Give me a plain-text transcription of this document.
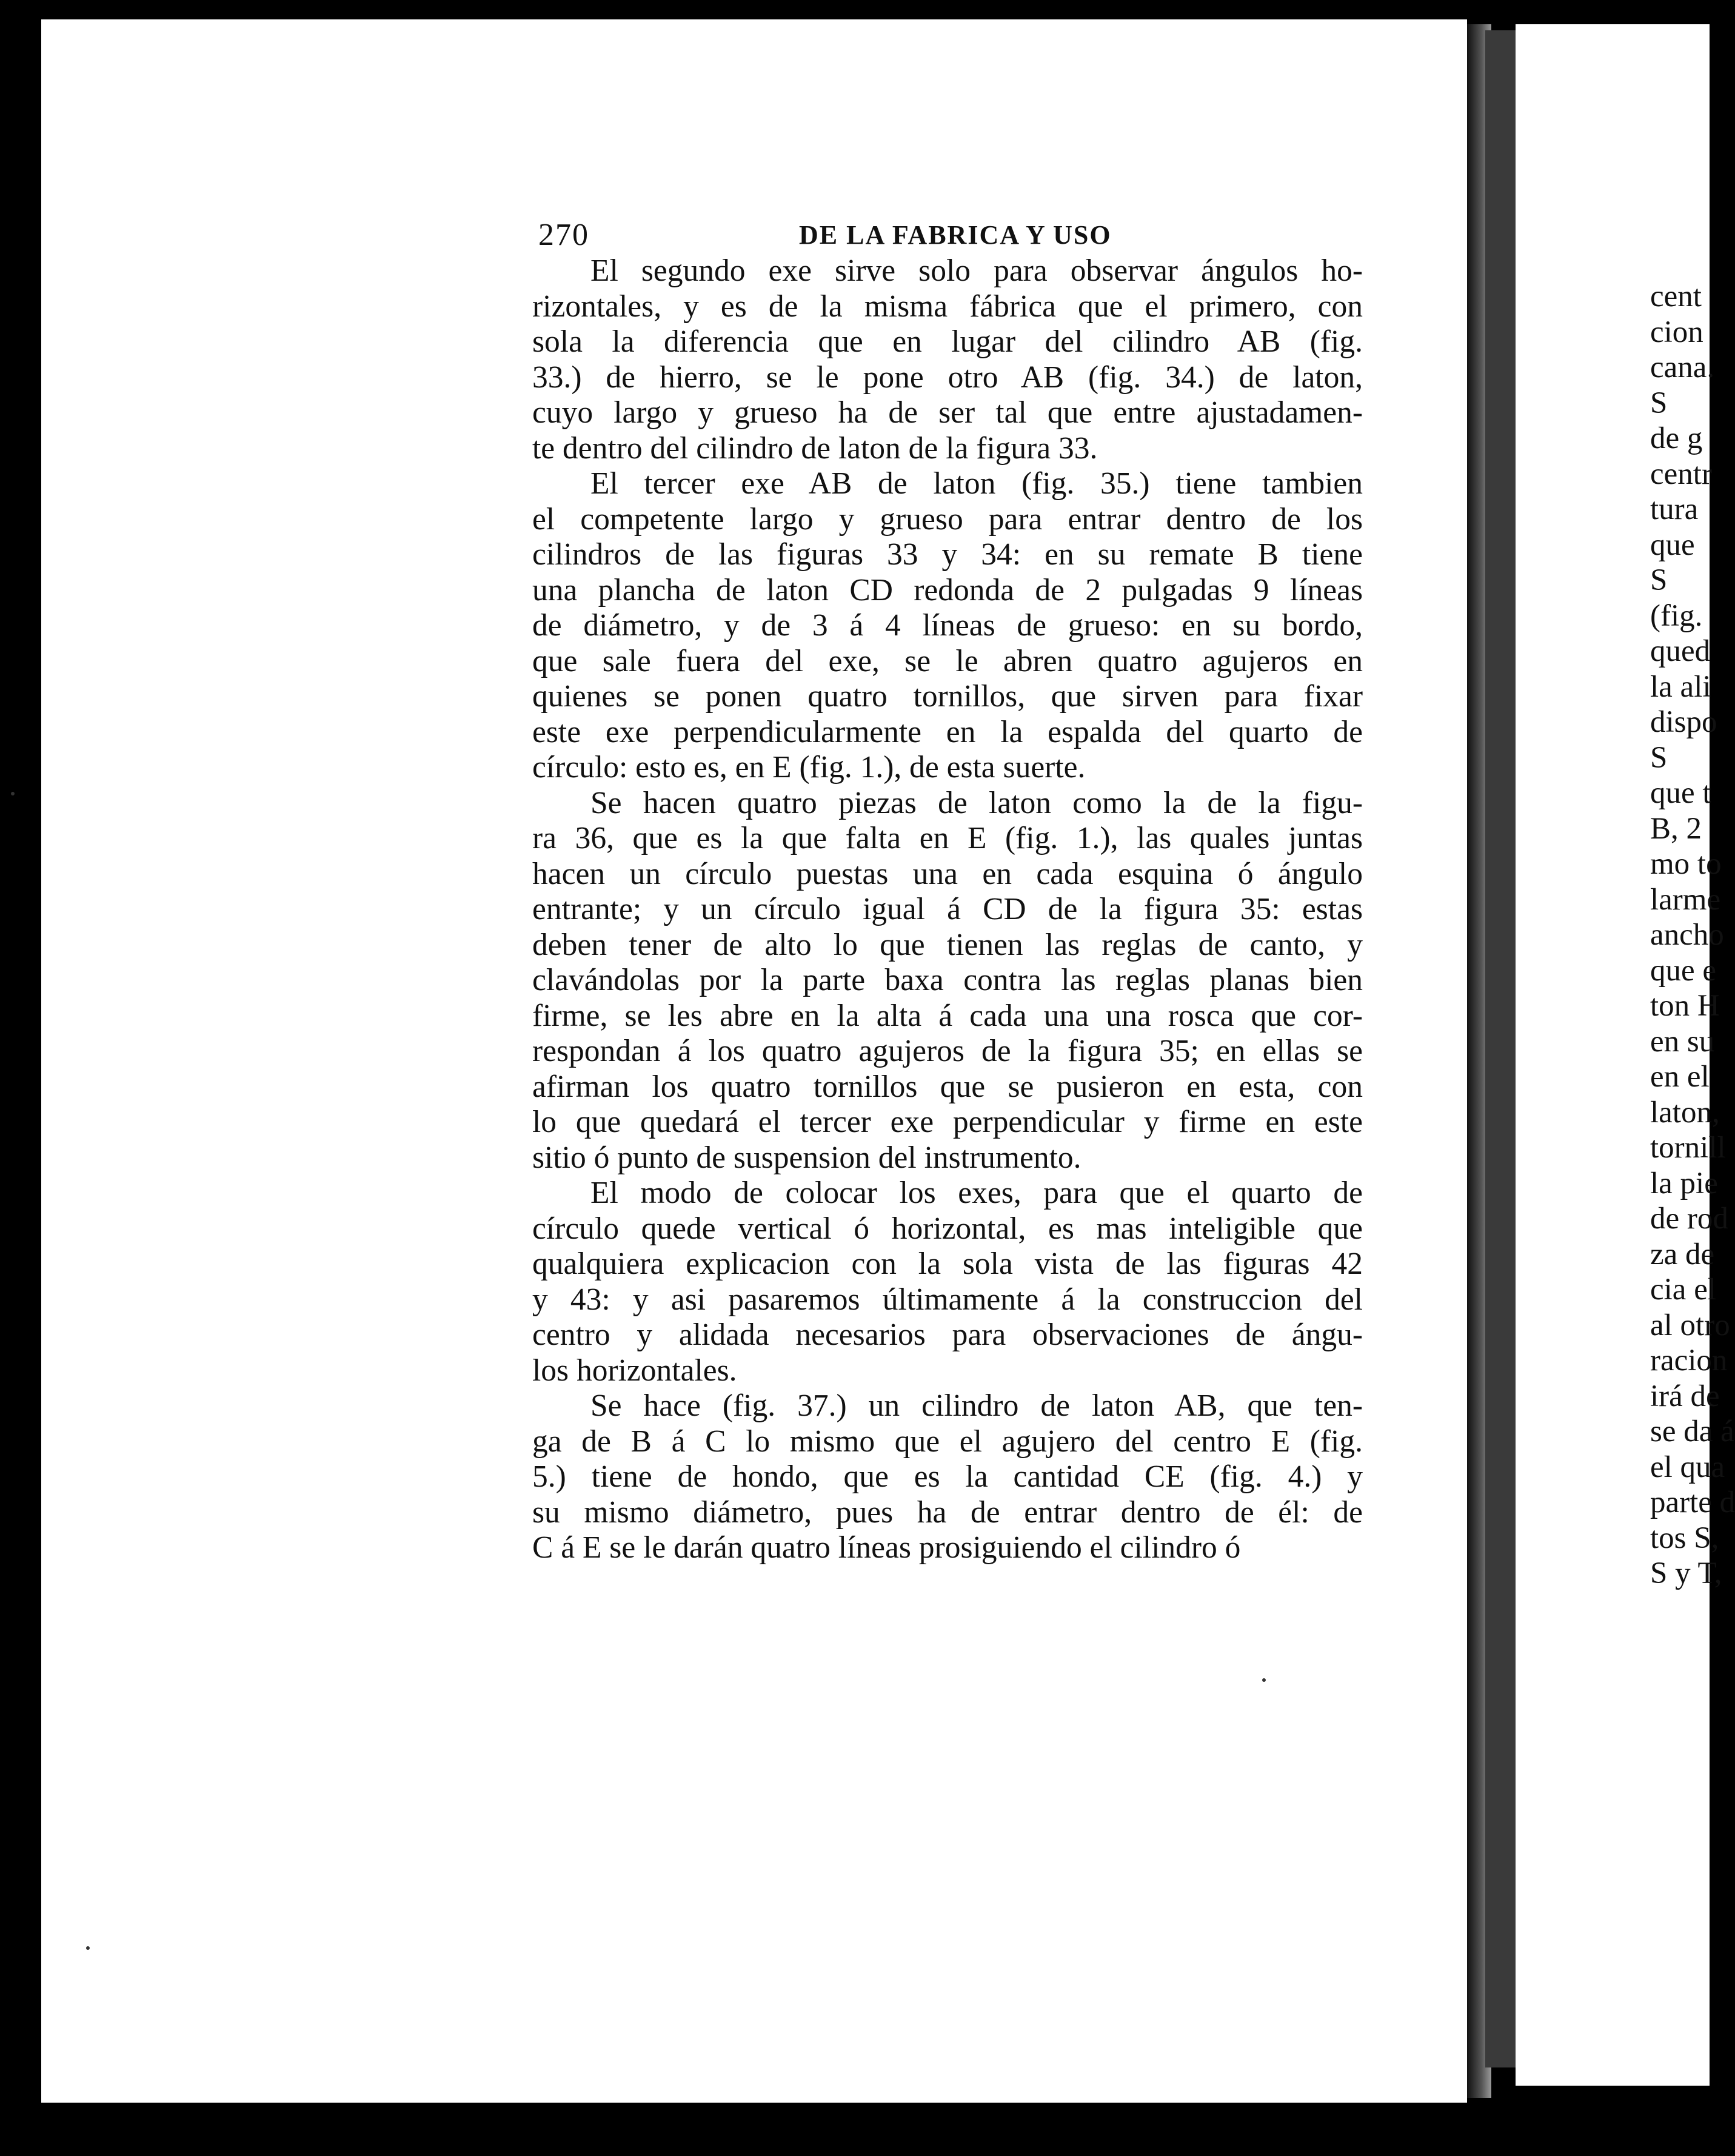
cent
cion
cana.
S
de g
centr
tura
que
S
(fig.
qued
la ali
dispo
S
que t
B, 2
mo to
larme
ancho
que e
ton H
en su
en el
laton,
tornill
la pie
de rod
za de
cia el
al otro
racion
irá de
se da á
el qua
parte d
tos S,
S y T,
270	DE LA FABRICA Y USO

El segundo exe sirve solo para observar ángulos ho-
rizontales, y es de la misma fábrica que el primero, con
sola la diferencia que en lugar del cilindro AB (fig.
33.) de hierro, se le pone otro AB (fig. 34.) de laton,
cuyo largo y grueso ha de ser tal que entre ajustadamen-
te dentro del cilindro de laton de la figura 33.

El tercer exe AB de laton (fig. 35.) tiene tambien
el competente largo y grueso para entrar dentro de los
cilindros de las figuras 33 y 34: en su remate B tiene
una plancha de laton CD redonda de 2 pulgadas 9 líneas
de diámetro, y de 3 á 4 líneas de grueso: en su bordo,
que sale fuera del exe, se le abren quatro agujeros en
quienes se ponen quatro tornillos, que sirven para fixar
este exe perpendicularmente en la espalda del quarto de
círculo: esto es, en E (fig. 1.), de esta suerte.

Se hacen quatro piezas de laton como la de la figu-
ra 36, que es la que falta en E (fig. 1.), las quales juntas
hacen un círculo puestas una en cada esquina ó ángulo
entrante; y un círculo igual á CD de la figura 35: estas
deben tener de alto lo que tienen las reglas de canto, y
clavándolas por la parte baxa contra las reglas planas bien
firme, se les abre en la alta á cada una una rosca que cor-
respondan á los quatro agujeros de la figura 35; en ellas se
afirman los quatro tornillos que se pusieron en esta, con
lo que quedará el tercer exe perpendicular y firme en este
sitio ó punto de suspension del instrumento.

El modo de colocar los exes, para que el quarto de
círculo quede vertical ó horizontal, es mas inteligible que
qualquiera explicacion con la sola vista de las figuras 42
y 43: y asi pasaremos últimamente á la construccion del
centro y alidada necesarios para observaciones de ángu-
los horizontales.

Se hace (fig. 37.) un cilindro de laton AB, que ten-
ga de B á C lo mismo que el agujero del centro E (fig.
5.) tiene de hondo, que es la cantidad CE (fig. 4.) y
su mismo diámetro, pues ha de entrar dentro de él: de
C á E se le darán quatro líneas prosiguiendo el cilindro ó
